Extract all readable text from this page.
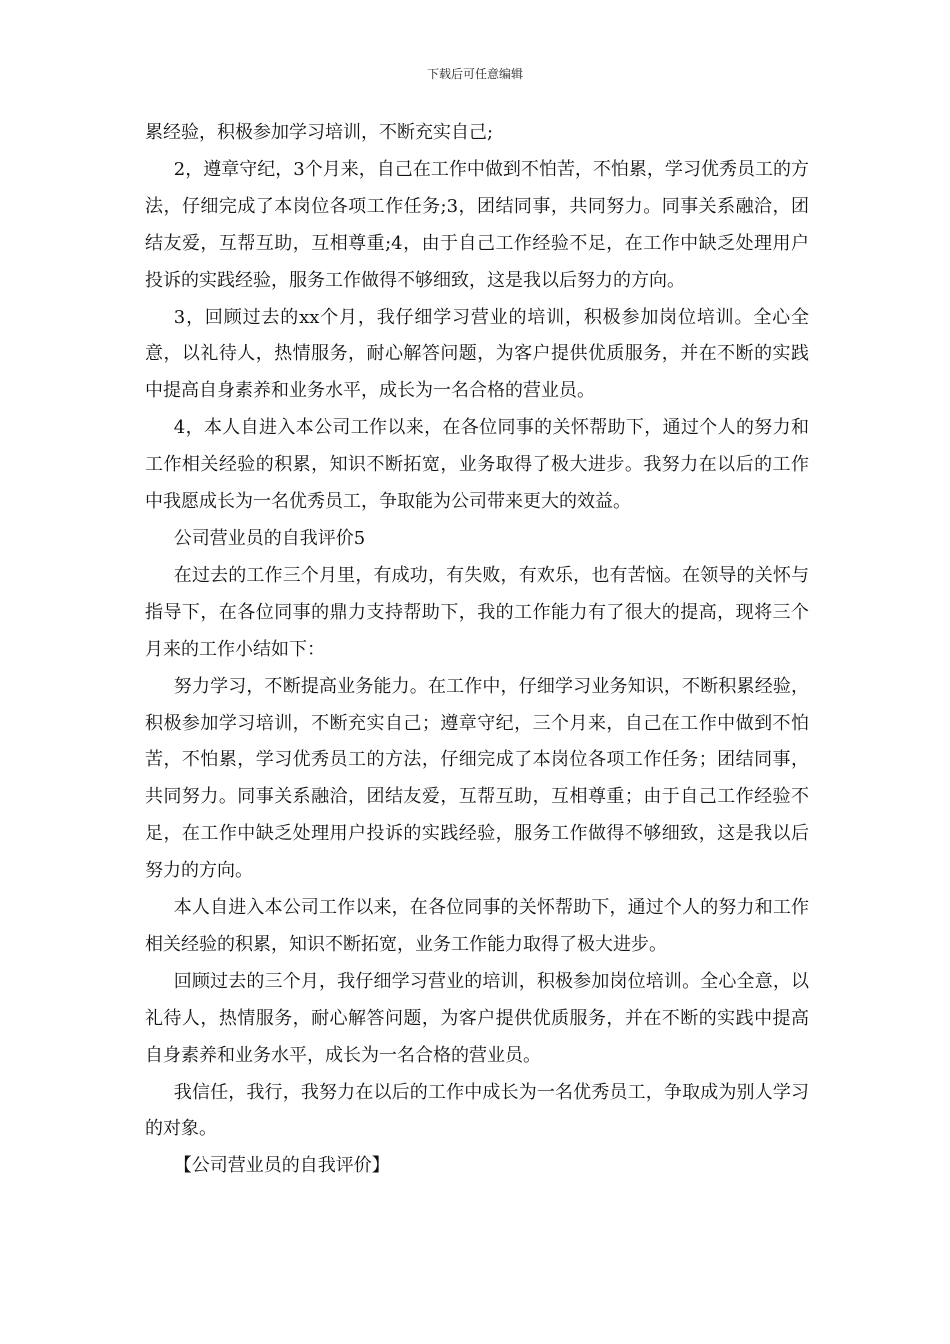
下载后可任意编辑

累经验，积极参加学习培训，不断充实自己;

2，遵章守纪，3个月来，自己在工作中做到不怕苦，不怕累，学习优秀员工的方法，仔细完成了本岗位各项工作任务;3，团结同事，共同努力。同事关系融洽，团结友爱，互帮互助，互相尊重;4，由于自己工作经验不足，在工作中缺乏处理用户投诉的实践经验，服务工作做得不够细致，这是我以后努力的方向。

3，回顾过去的xx个月，我仔细学习营业的培训，积极参加岗位培训。全心全意，以礼待人，热情服务，耐心解答问题，为客户提供优质服务，并在不断的实践中提高自身素养和业务水平，成长为一名合格的营业员。

4，本人自进入本公司工作以来，在各位同事的关怀帮助下，通过个人的努力和工作相关经验的积累，知识不断拓宽，业务取得了极大进步。我努力在以后的工作中我愿成长为一名优秀员工，争取能为公司带来更大的效益。

公司营业员的自我评价5

在过去的工作三个月里，有成功，有失败，有欢乐，也有苦恼。在领导的关怀与指导下，在各位同事的鼎力支持帮助下，我的工作能力有了很大的提高，现将三个月来的工作小结如下：

努力学习，不断提高业务能力。在工作中，仔细学习业务知识，不断积累经验，积极参加学习培训，不断充实自己；遵章守纪，三个月来，自己在工作中做到不怕苦，不怕累，学习优秀员工的方法，仔细完成了本岗位各项工作任务；团结同事，共同努力。同事关系融洽，团结友爱，互帮互助，互相尊重；由于自己工作经验不足，在工作中缺乏处理用户投诉的实践经验，服务工作做得不够细致，这是我以后努力的方向。

本人自进入本公司工作以来，在各位同事的关怀帮助下，通过个人的努力和工作相关经验的积累，知识不断拓宽，业务工作能力取得了极大进步。

回顾过去的三个月，我仔细学习营业的培训，积极参加岗位培训。全心全意，以礼待人，热情服务，耐心解答问题，为客户提供优质服务，并在不断的实践中提高自身素养和业务水平，成长为一名合格的营业员。

我信任，我行，我努力在以后的工作中成长为一名优秀员工，争取成为别人学习的对象。

【公司营业员的自我评价】
